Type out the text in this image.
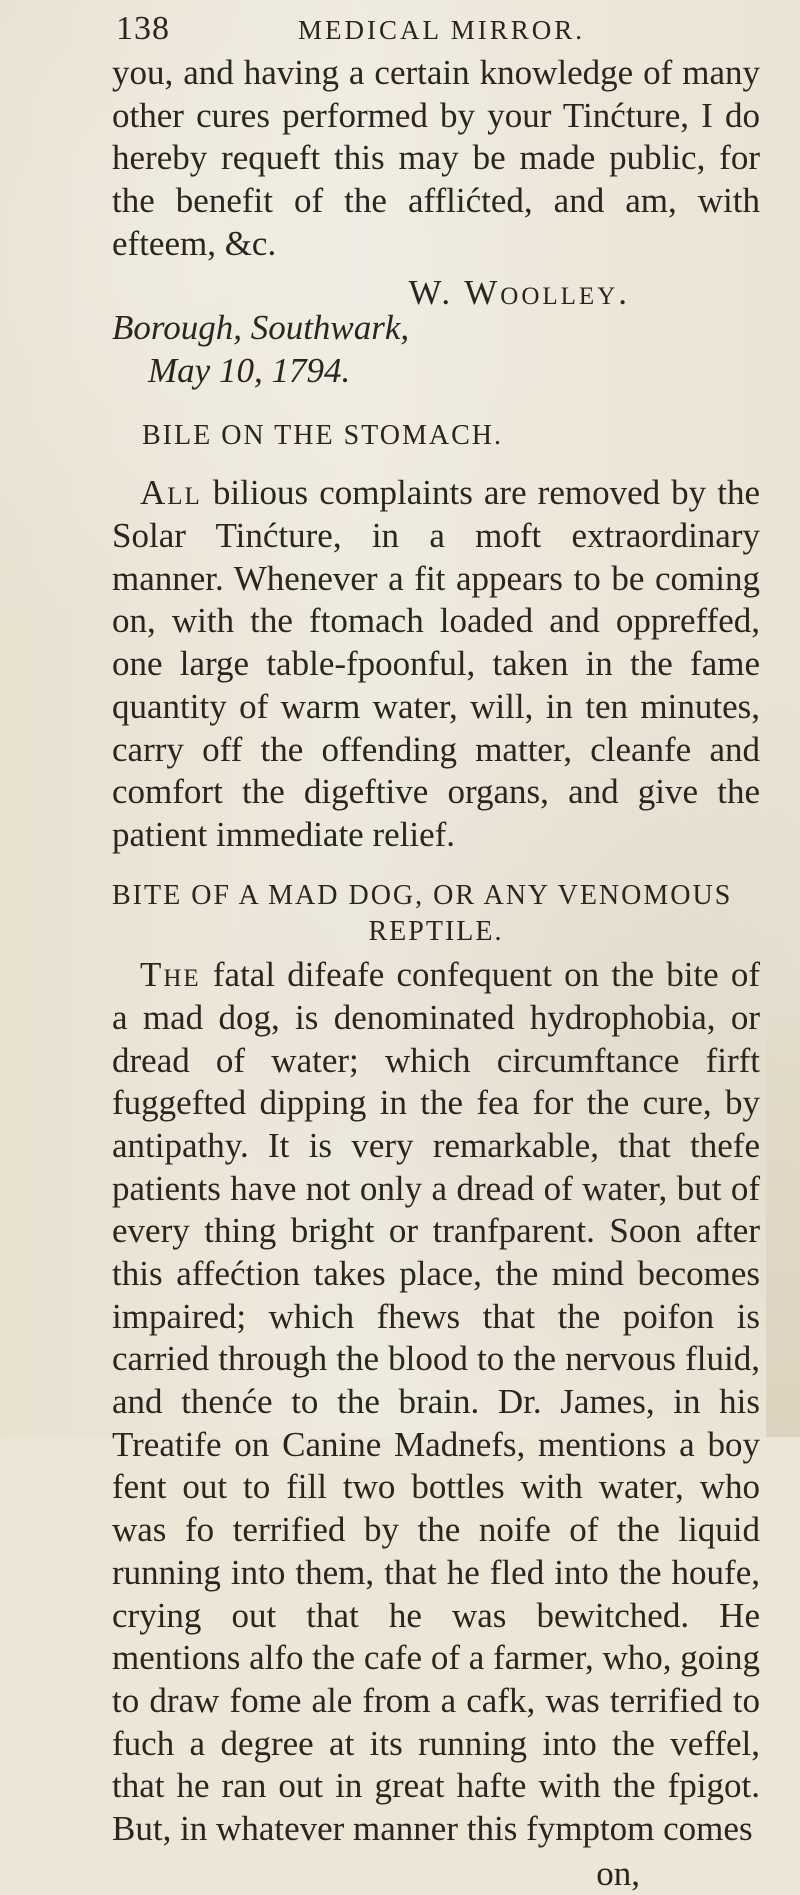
138	MEDICAL MIRROR.

you, and having a certain knowledge of many other cures performed by your Tinćture, I do hereby requeft this may be made public, for the benefit of the afflićted, and am, with efteem, &c.

W. Woolley.
Borough, Southwark,
May 10, 1794.
BILE ON THE STOMACH.

All bilious complaints are removed by the Solar Tinćture, in a moft extraordinary manner. Whenever a fit appears to be coming on, with the ftomach loaded and oppreffed, one large table-fpoonful, taken in the fame quantity of warm water, will, in ten minutes, carry off the offending matter, cleanfe and comfort the digeftive organs, and give the patient immediate relief.

BITE OF A MAD DOG, OR ANY VENOMOUS
REPTILE.

The fatal difeafe confequent on the bite of a mad dog, is denominated hydrophobia, or dread of water; which circumftance firft fuggefted dipping in the fea for the cure, by antipathy. It is very remarkable, that thefe patients have not only a dread of water, but of every thing bright or tranfparent. Soon after this affećtion takes place, the mind becomes impaired; which fhews that the poifon is carried through the blood to the nervous fluid, and thenće to the brain. Dr. James, in his Treatife on Canine Madnefs, mentions a boy fent out to fill two bottles with water, who was fo terrified by the noife of the liquid running into them, that he fled into the houfe, crying out that he was bewitched. He mentions alfo the cafe of a farmer, who, going to draw fome ale from a cafk, was terrified to fuch a degree at its running into the veffel, that he ran out in great hafte with the fpigot. But, in whatever manner this fymptom comes

on,
